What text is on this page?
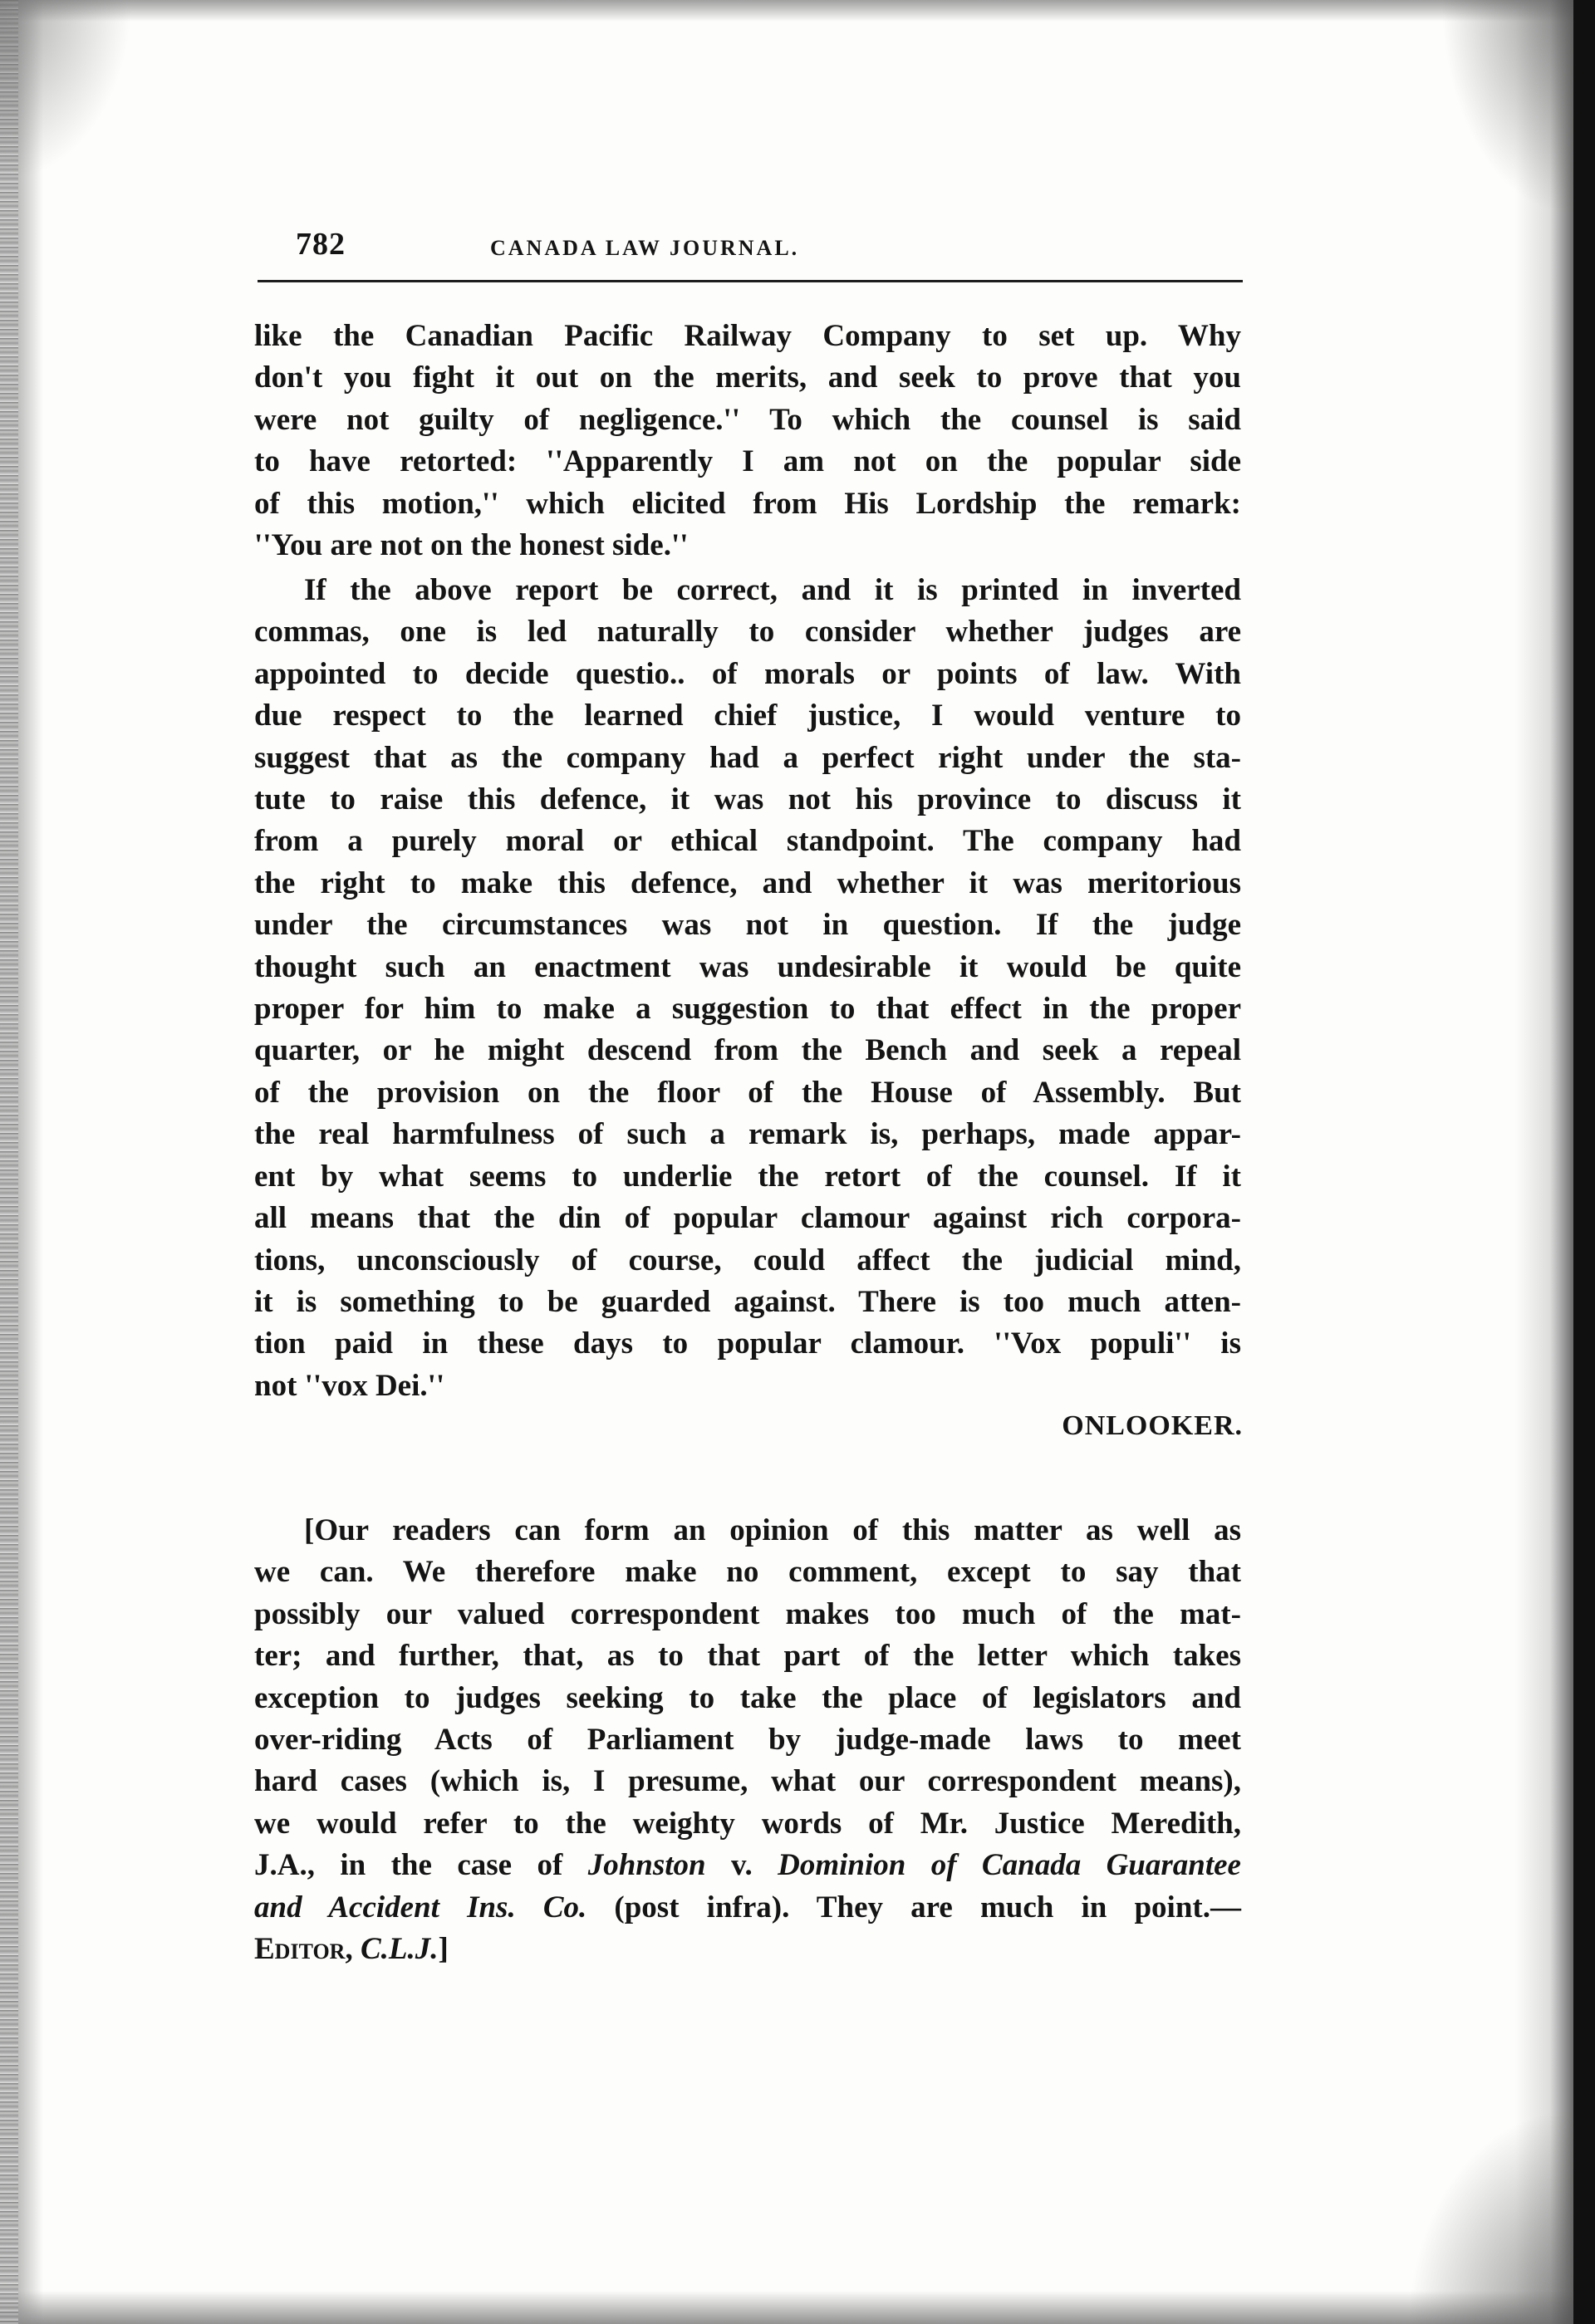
782	CANADA LAW JOURNAL.
like the Canadian Pacific Railway Company to set up. Why
don't you fight it out on the merits, and seek to prove that you
were not guilty of negligence.'' To which the counsel is said
to have retorted: ''Apparently I am not on the popular side
of this motion,'' which elicited from His Lordship the remark:
''You are not on the honest side.''
If the above report be correct, and it is printed in inverted
commas, one is led naturally to consider whether judges are
appointed to decide questio.. of morals or points of law. With
due respect to the learned chief justice, I would venture to
suggest that as the company had a perfect right under the sta-
tute to raise this defence, it was not his province to discuss it
from a purely moral or ethical standpoint. The company had
the right to make this defence, and whether it was meritorious
under the circumstances was not in question. If the judge
thought such an enactment was undesirable it would be quite
proper for him to make a suggestion to that effect in the proper
quarter, or he might descend from the Bench and seek a repeal
of the provision on the floor of the House of Assembly. But
the real harmfulness of such a remark is, perhaps, made appar-
ent by what seems to underlie the retort of the counsel. If it
all means that the din of popular clamour against rich corpora-
tions, unconsciously of course, could affect the judicial mind,
it is something to be guarded against. There is too much atten-
tion paid in these days to popular clamour. ''Vox populi'' is
not ''vox Dei.''
ONLOOKER.
[Our readers can form an opinion of this matter as well as
we can. We therefore make no comment, except to say that
possibly our valued correspondent makes too much of the mat-
ter; and further, that, as to that part of the letter which takes
exception to judges seeking to take the place of legislators and
over-riding Acts of Parliament by judge-made laws to meet
hard cases (which is, I presume, what our correspondent means),
we would refer to the weighty words of Mr. Justice Meredith,
J.A., in the case of Johnston v. Dominion of Canada Guarantee
and Accident Ins. Co. (post infra). They are much in point.—
Editor, C.L.J.]
